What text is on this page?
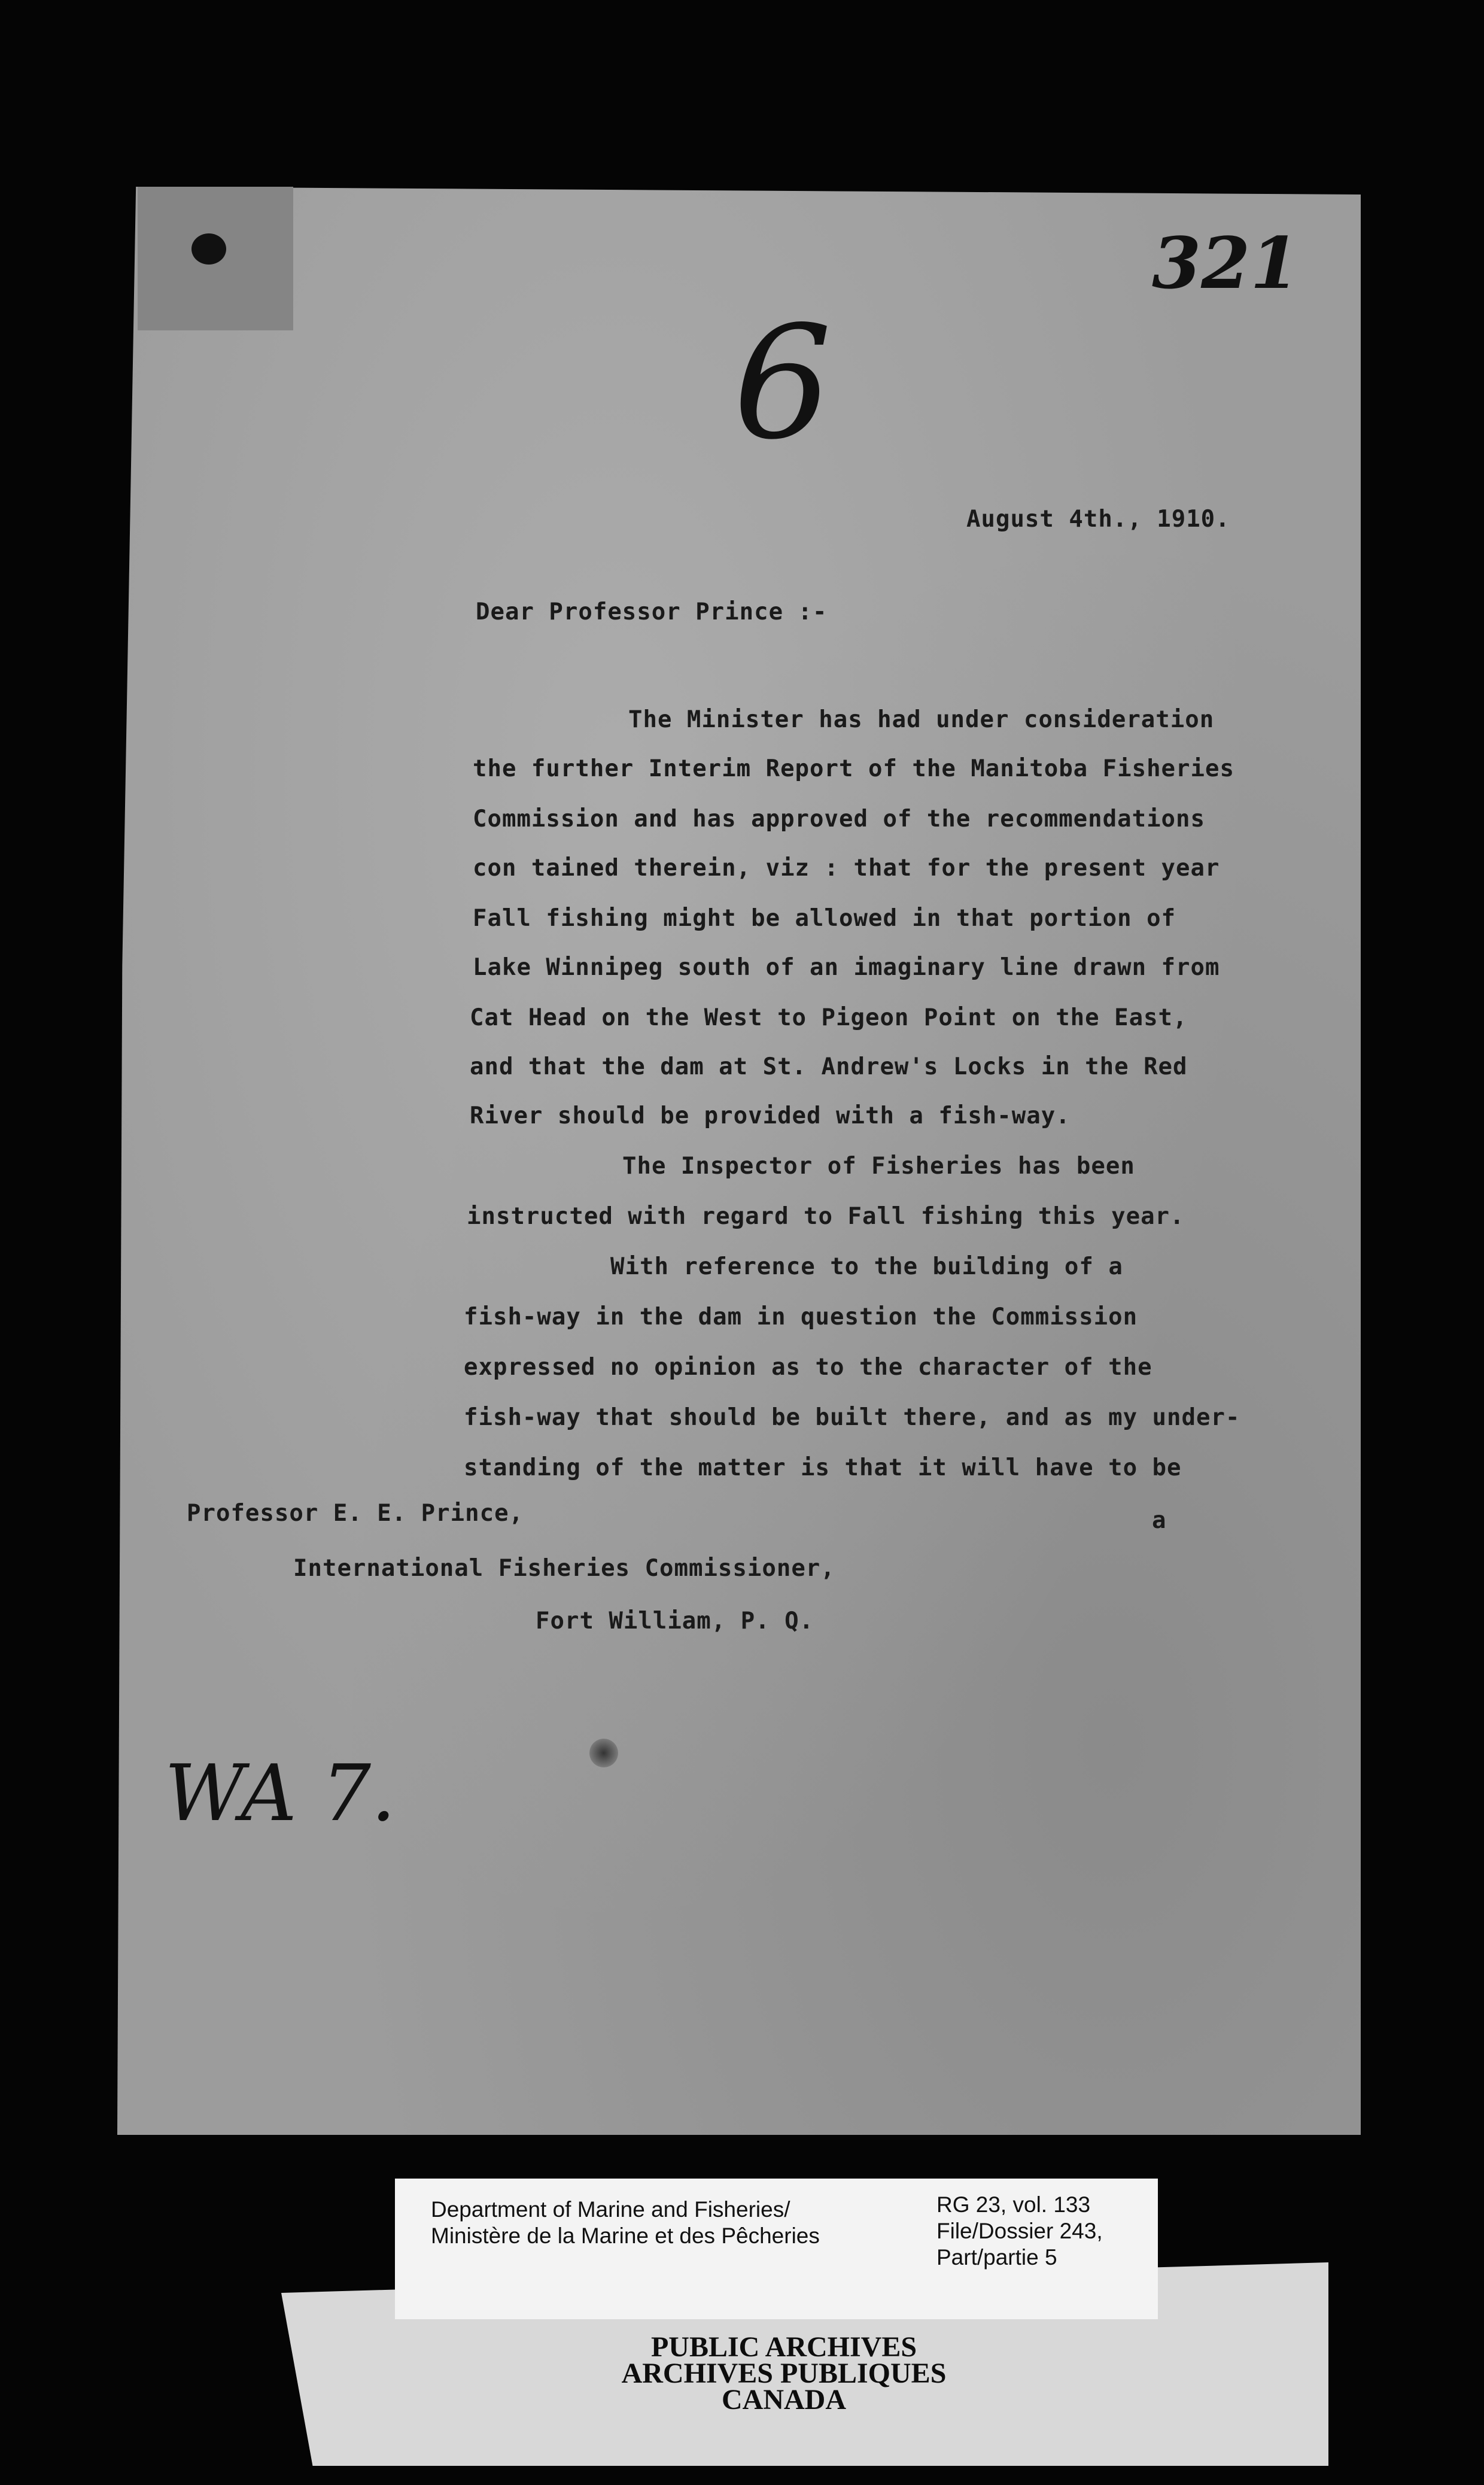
321
6
August 4th., 1910.
Dear Professor Prince :-
The Minister has had under consideration
the further Interim Report of the Manitoba Fisheries
Commission and has approved of the recommendations
con tained therein, viz : that for the present year
Fall fishing might be allowed in that portion of
Lake Winnipeg south of an imaginary line drawn from
Cat Head on the West to Pigeon Point on the East,
and that the dam at St. Andrew's Locks in the Red
River should be provided with a fish-way.
The Inspector of Fisheries has been
instructed with regard to Fall fishing this year.
With reference to the building of a
fish-way in the dam in question the Commission
expressed no opinion as to the character of the
fish-way that should be built there, and as my under-
standing of the matter is that it will have to be
a
Professor E. E. Prince,
International Fisheries Commissioner,
Fort William, P. Q.
WA 7.
Department of Marine and Fisheries/
Ministère de la Marine et des Pêcheries
RG 23, vol. 133
File/Dossier 243,
Part/partie 5
PUBLIC ARCHIVES
ARCHIVES PUBLIQUES
CANADA
